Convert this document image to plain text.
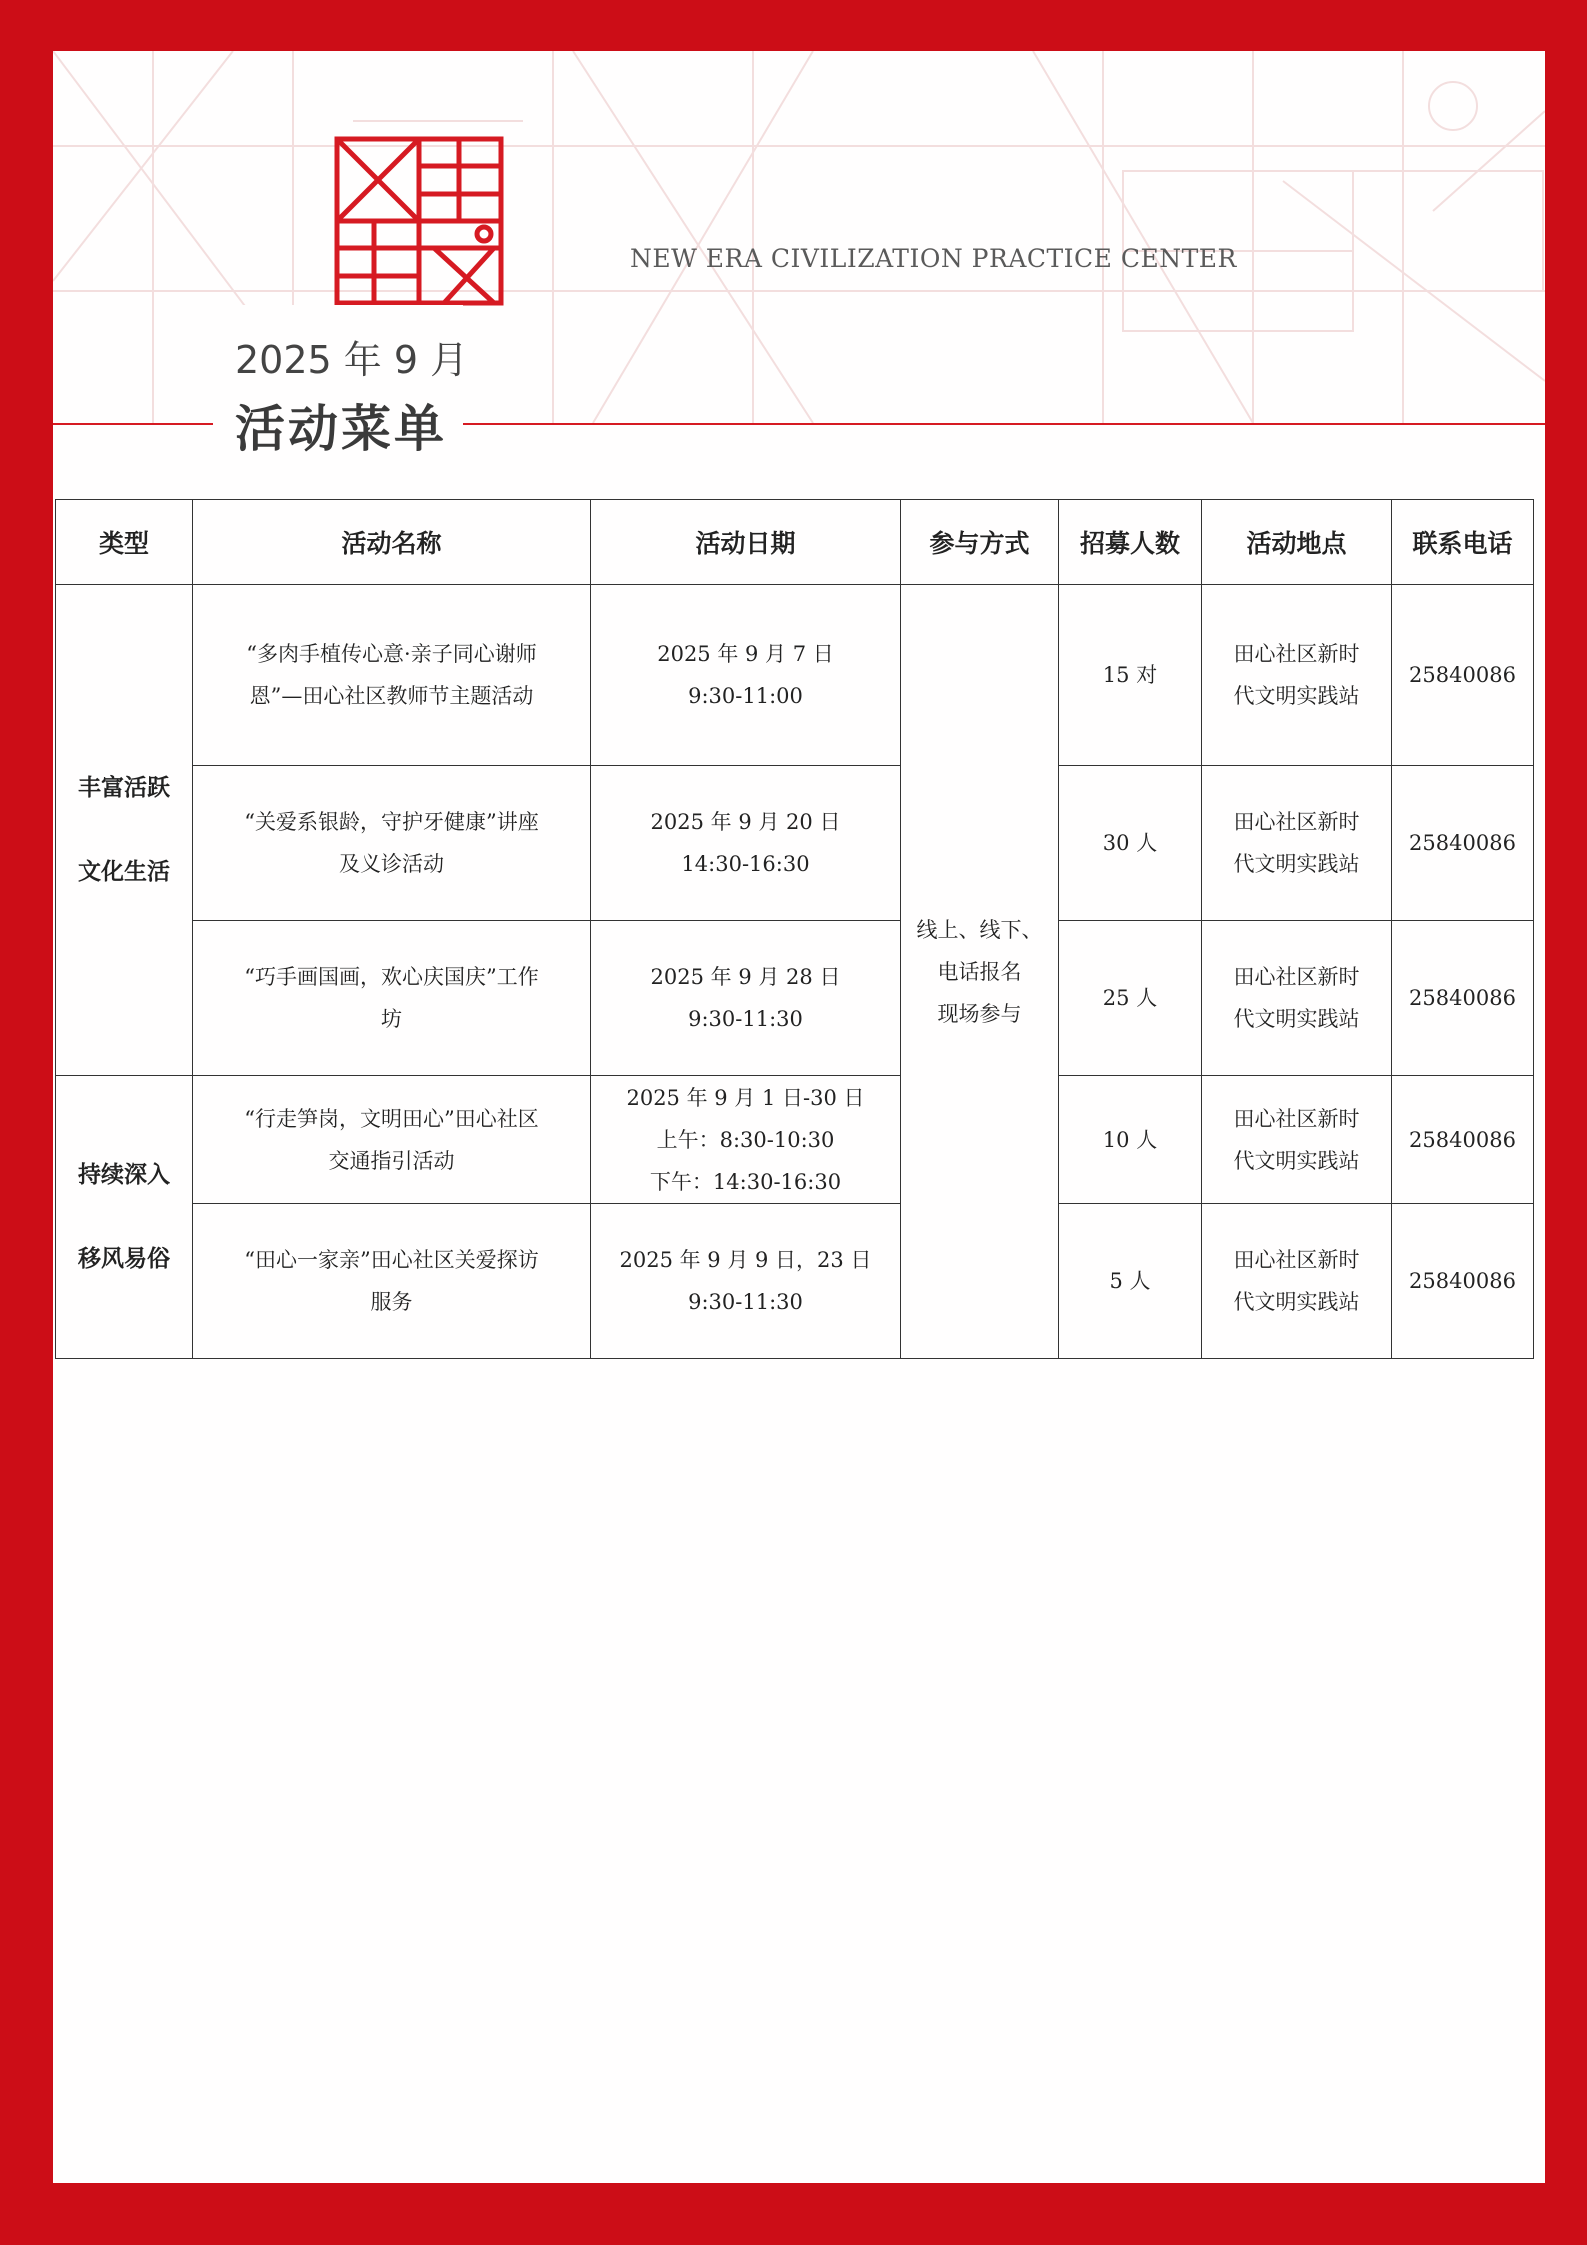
NEW ERA CIVILIZATION PRACTICE CENTER
2025 年 9 月
活动菜单
类型	活动名称	活动日期	参与方式	招募人数	活动地点	联系电话

丰富活跃
文化生活	“多肉手植传心意·亲子同心谢师
恩”—田心社区教师节主题活动	2025 年 9 月 7 日
9:30-11:00	线上、线下、
电话报名
现场参与	15 对	田心社区新时
代文明实践站	25840086

	“关爱系银龄，守护牙健康”讲座
及义诊活动	2025 年 9 月 20 日
14:30-16:30		30 人	田心社区新时
代文明实践站	25840086

	“巧手画国画，欢心庆国庆”工作
坊	2025 年 9 月 28 日
9:30-11:30		25 人	田心社区新时
代文明实践站	25840086

持续深入
移风易俗	“行走笋岗，文明田心”田心社区
交通指引活动	2025 年 9 月 1 日-30 日
上午：8:30-10:30
下午：14:30-16:30		10 人	田心社区新时
代文明实践站	25840086

	“田心一家亲”田心社区关爱探访
服务	2025 年 9 月 9 日，23 日
9:30-11:30		5 人	田心社区新时
代文明实践站	25840086
